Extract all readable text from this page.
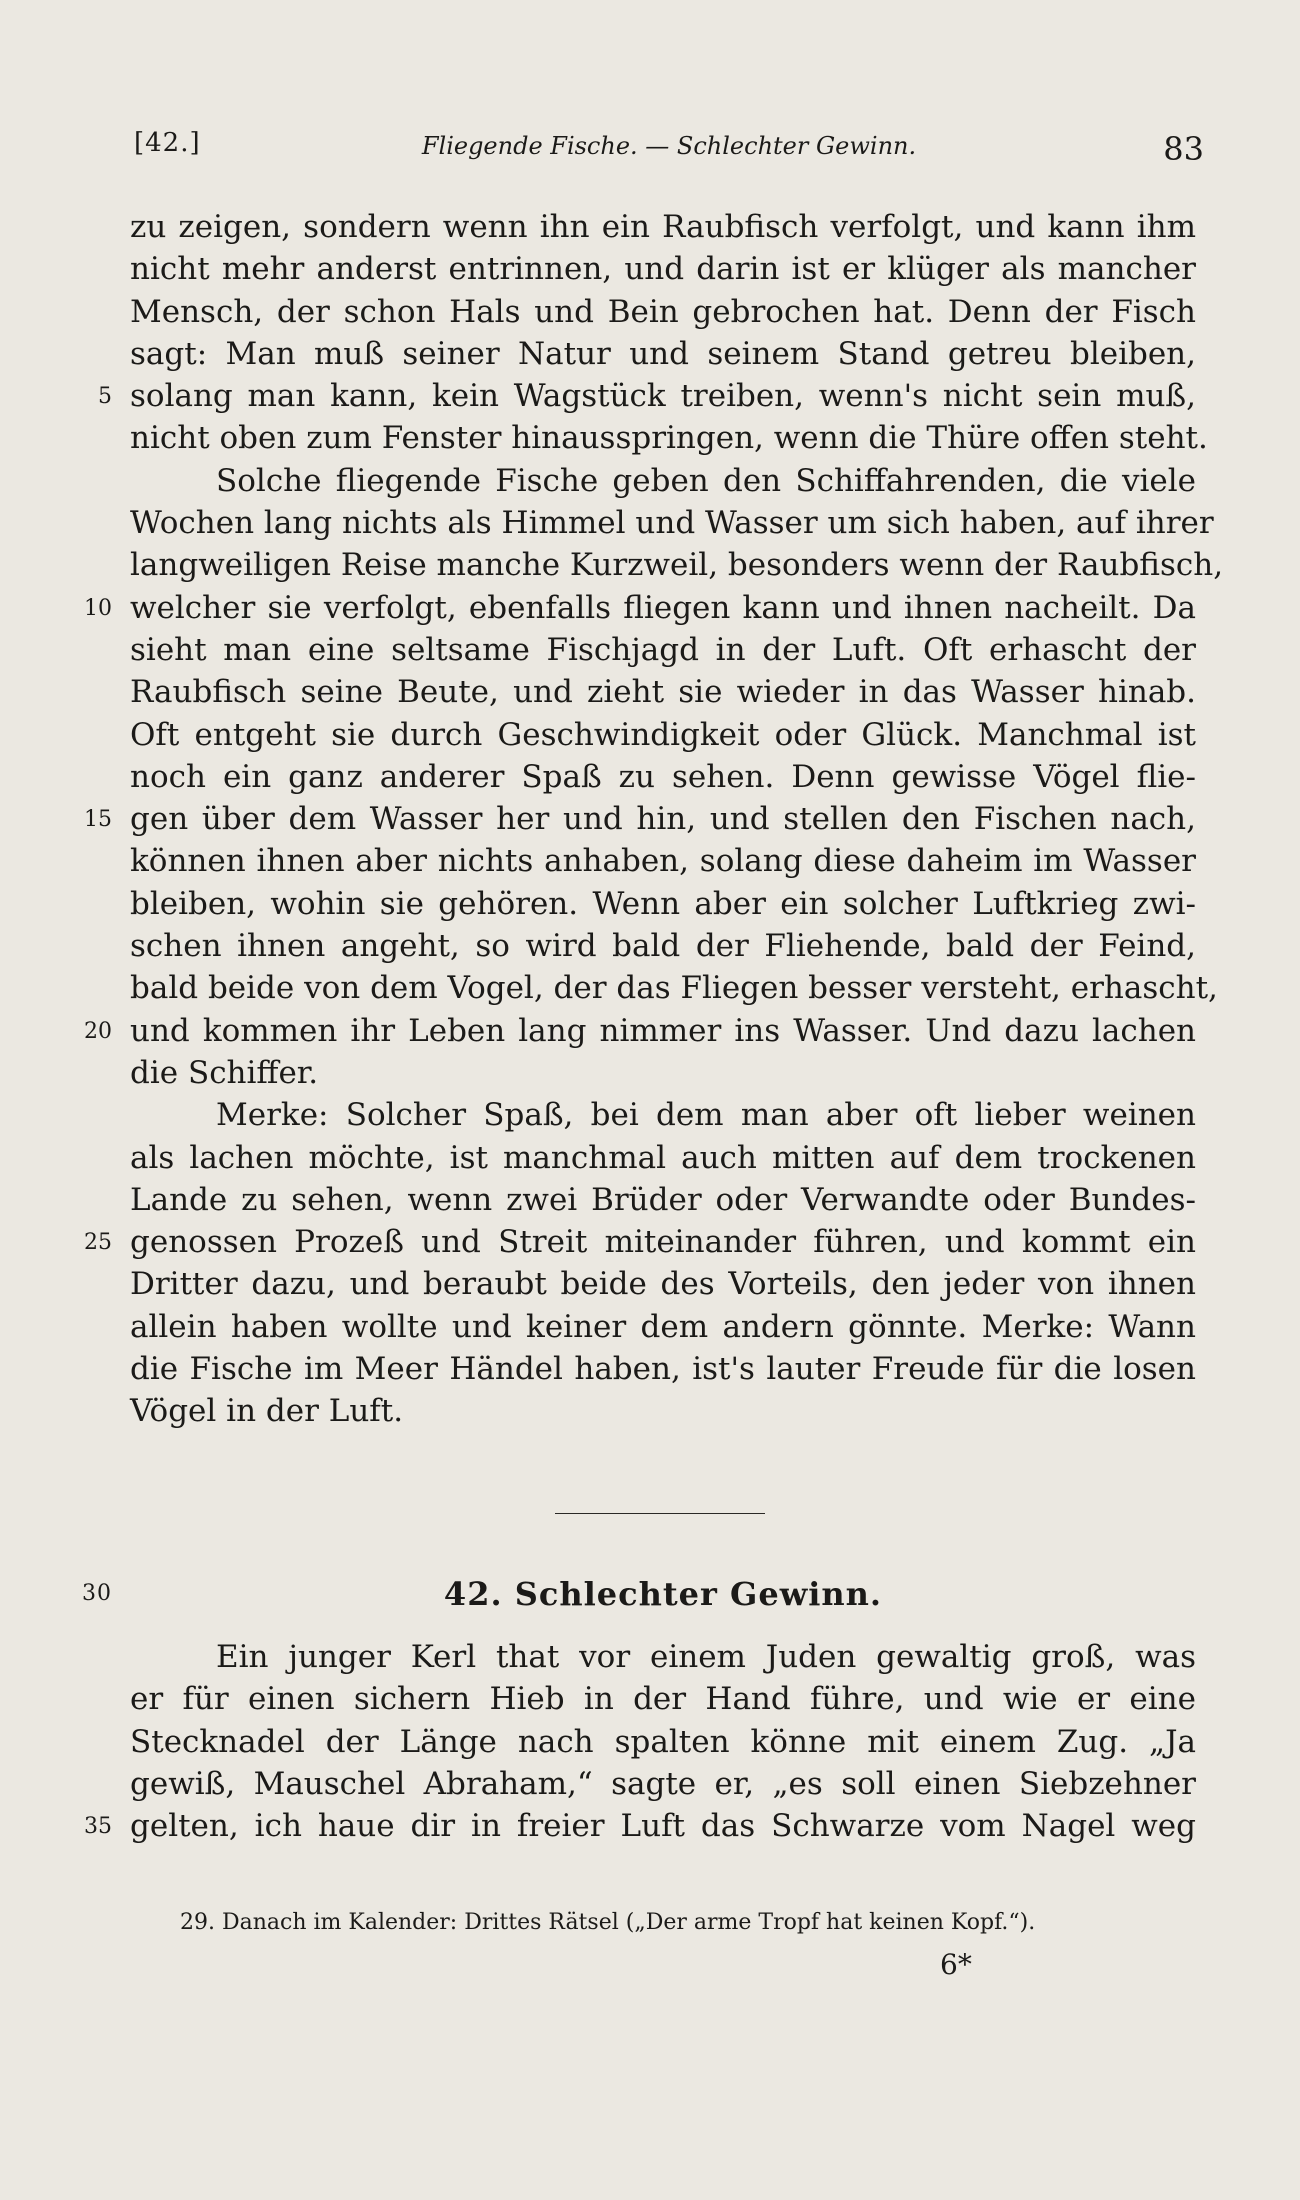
[42.]	Fliegende Fische. — Schlechter Gewinn.	83
zu zeigen, sondern wenn ihn ein Raubfisch verfolgt, und kann ihm
nicht mehr anderst entrinnen, und darin ist er klüger als mancher
Mensch, der schon Hals und Bein gebrochen hat. Denn der Fisch
sagt: Man muß seiner Natur und seinem Stand getreu bleiben,
5 solang man kann, kein Wagstück treiben, wenn's nicht sein muß,
nicht oben zum Fenster hinausspringen, wenn die Thüre offen steht.
Solche fliegende Fische geben den Schiffahrenden, die viele
Wochen lang nichts als Himmel und Wasser um sich haben, auf ihrer
langweiligen Reise manche Kurzweil, besonders wenn der Raubfisch,
10 welcher sie verfolgt, ebenfalls fliegen kann und ihnen nacheilt. Da
sieht man eine seltsame Fischjagd in der Luft. Oft erhascht der
Raubfisch seine Beute, und zieht sie wieder in das Wasser hinab.
Oft entgeht sie durch Geschwindigkeit oder Glück. Manchmal ist
noch ein ganz anderer Spaß zu sehen. Denn gewisse Vögel flie-
15 gen über dem Wasser her und hin, und stellen den Fischen nach,
können ihnen aber nichts anhaben, solang diese daheim im Wasser
bleiben, wohin sie gehören. Wenn aber ein solcher Luftkrieg zwi-
schen ihnen angeht, so wird bald der Fliehende, bald der Feind,
bald beide von dem Vogel, der das Fliegen besser versteht, erhascht,
20 und kommen ihr Leben lang nimmer ins Wasser. Und dazu lachen
die Schiffer.
Merke: Solcher Spaß, bei dem man aber oft lieber weinen
als lachen möchte, ist manchmal auch mitten auf dem trockenen
Lande zu sehen, wenn zwei Brüder oder Verwandte oder Bundes-
25 genossen Prozeß und Streit miteinander führen, und kommt ein
Dritter dazu, und beraubt beide des Vorteils, den jeder von ihnen
allein haben wollte und keiner dem andern gönnte. Merke: Wann
die Fische im Meer Händel haben, ist's lauter Freude für die losen
Vögel in der Luft.
30	42. Schlechter Gewinn.
Ein junger Kerl that vor einem Juden gewaltig groß, was
er für einen sichern Hieb in der Hand führe, und wie er eine
Stecknadel der Länge nach spalten könne mit einem Zug. „Ja
gewiß, Mauschel Abraham,“ sagte er, „es soll einen Siebzehner
35 gelten, ich haue dir in freier Luft das Schwarze vom Nagel weg
29. Danach im Kalender: Drittes Rätsel („Der arme Tropf hat keinen Kopf.“).
6*
